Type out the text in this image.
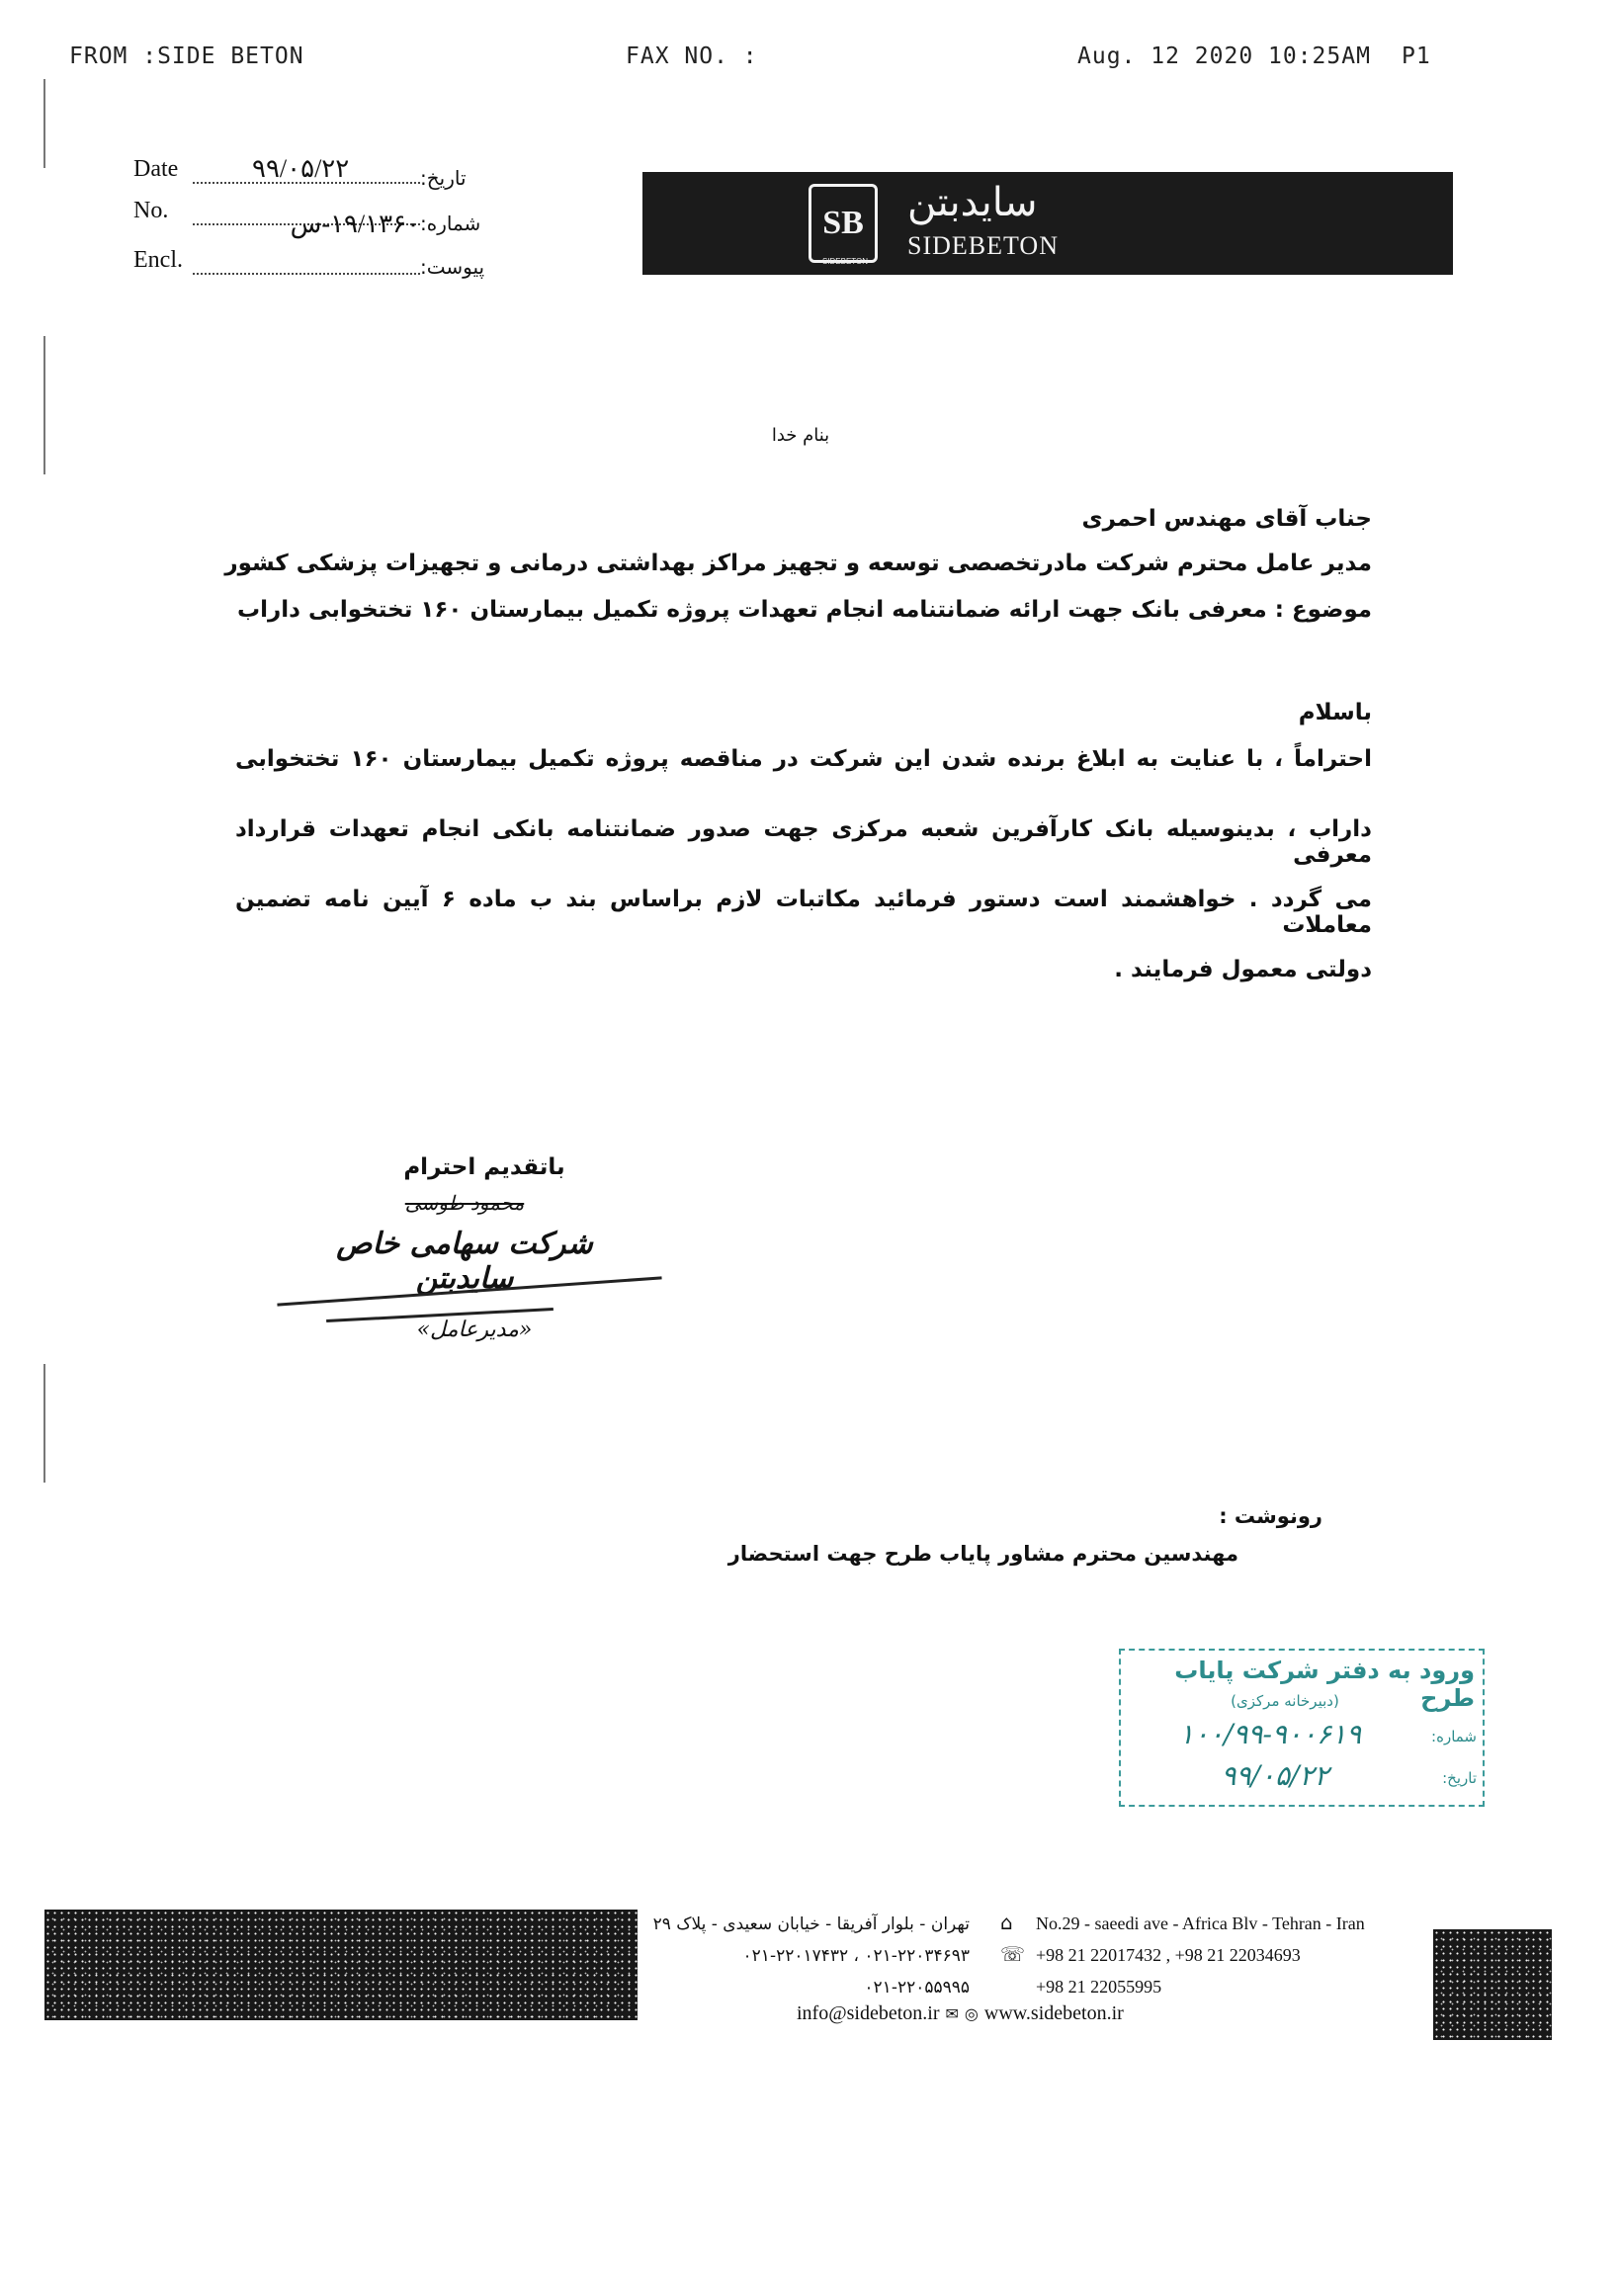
FROM :SIDE BETON	FAX NO. :	Aug. 12 2020 10:25AM P1
Date	۹۹/۰۵/۲۲	تاریخ:
No.	۱۹/۱۳۶۰-س شماره:
Encl.	پیوست:
SB
SIDEBETON
سایدبتن
SIDEBETON
بنام خدا
جناب آقای مهندس احمری
مدیر عامل محترم شرکت مادرتخصصی توسعه و تجهیز مراکز بهداشتی درمانی و تجهیزات پزشکی کشور
موضوع : معرفی بانک جهت ارائه ضمانتنامه انجام تعهدات پروژه تکمیل بیمارستان ۱۶۰ تختخوابی داراب
باسلام
احتراماً ، با عنایت به ابلاغ برنده شدن این شرکت در مناقصه پروژه تکمیل بیمارستان ۱۶۰ تختخوابی
داراب ، بدینوسیله بانک کارآفرین شعبه مرکزی جهت صدور ضمانتنامه بانکی انجام تعهدات قرارداد معرفی
می گردد . خواهشمند است دستور فرمائید مکاتبات لازم براساس بند ب ماده ۶ آیین نامه تضمین معاملات
دولتی معمول فرمایند .
باتقدیم احترام
محمود طوسی
شرکت سهامی خاص سایدبتن
«مدیرعامل»
رونوشت :
مهندسین محترم مشاور پایاب طرح جهت استحضار
ورود به دفتر شرکت پایاب طرح
(دبیرخانه مرکزی)
شماره:
۱۰۰/۹۹-۹۰۰۶۱۹
تاریخ:
۹۹/۰۵/۲۲
تهران - بلوار آفریقا - خیابان سعیدی - پلاک ۲۹
۰۲۱-۲۲۰۱۷۴۳۲ ، ۰۲۱-۲۲۰۳۴۶۹۳
۰۲۱-۲۲۰۵۵۹۹۵
⌂
☏
No.29 - saeedi ave - Africa Blv - Tehran - Iran
+98 21 22017432 , +98 21 22034693
+98 21 22055995
info@sidebeton.ir ✉ ◎ www.sidebeton.ir
